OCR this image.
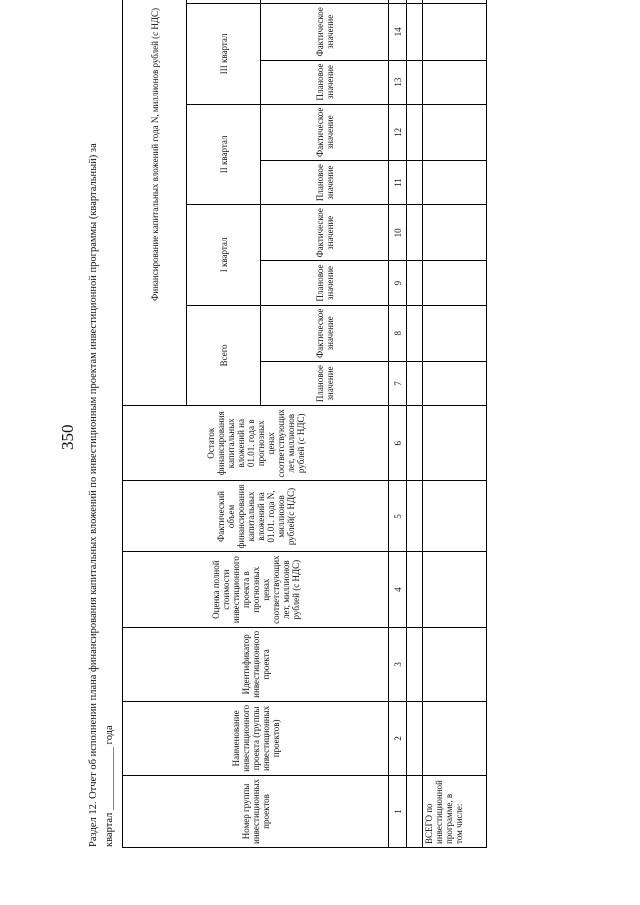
350 Раздел 12. Отчет об исполнении плана финансирования капитальных вложений по инвестиционным проектам инвестиционной программы (квартальный) за квартал ____________ года	Номер группы инвестиционных проектов	Наименование инвестиционного проекта (группы инвестиционных проектов)	Идентификатор инвестиционного проекта	Оценка полной стоимости инвестиционного проекта в прогнозных ценах соответствующих лет, миллионов рублей (с НДС)	Фактический объем финансирования капитальных вложений на 01.01. года N, миллионов рублей(с НДС)	Остаток финансирования капитальных вложений на 01.01. года в прогнозных ценах соответствующих лет, миллионов рублей (с НДС)	Финансирование капитальных вложений года N, миллионов рублей (с НДС)				
						Всего		I квартал		II квартал		III квартал	
						Плановое значение	Фактическое значение	Плановое значение	Фактическое значение	Плановое значение	Фактическое значение	Плановое значение	Фактическое значение				
1	2	3	4	5	6	7	8	9	10	11	12	13	14							

ВСЕГО по инвестиционной программе, в том числе:																				
